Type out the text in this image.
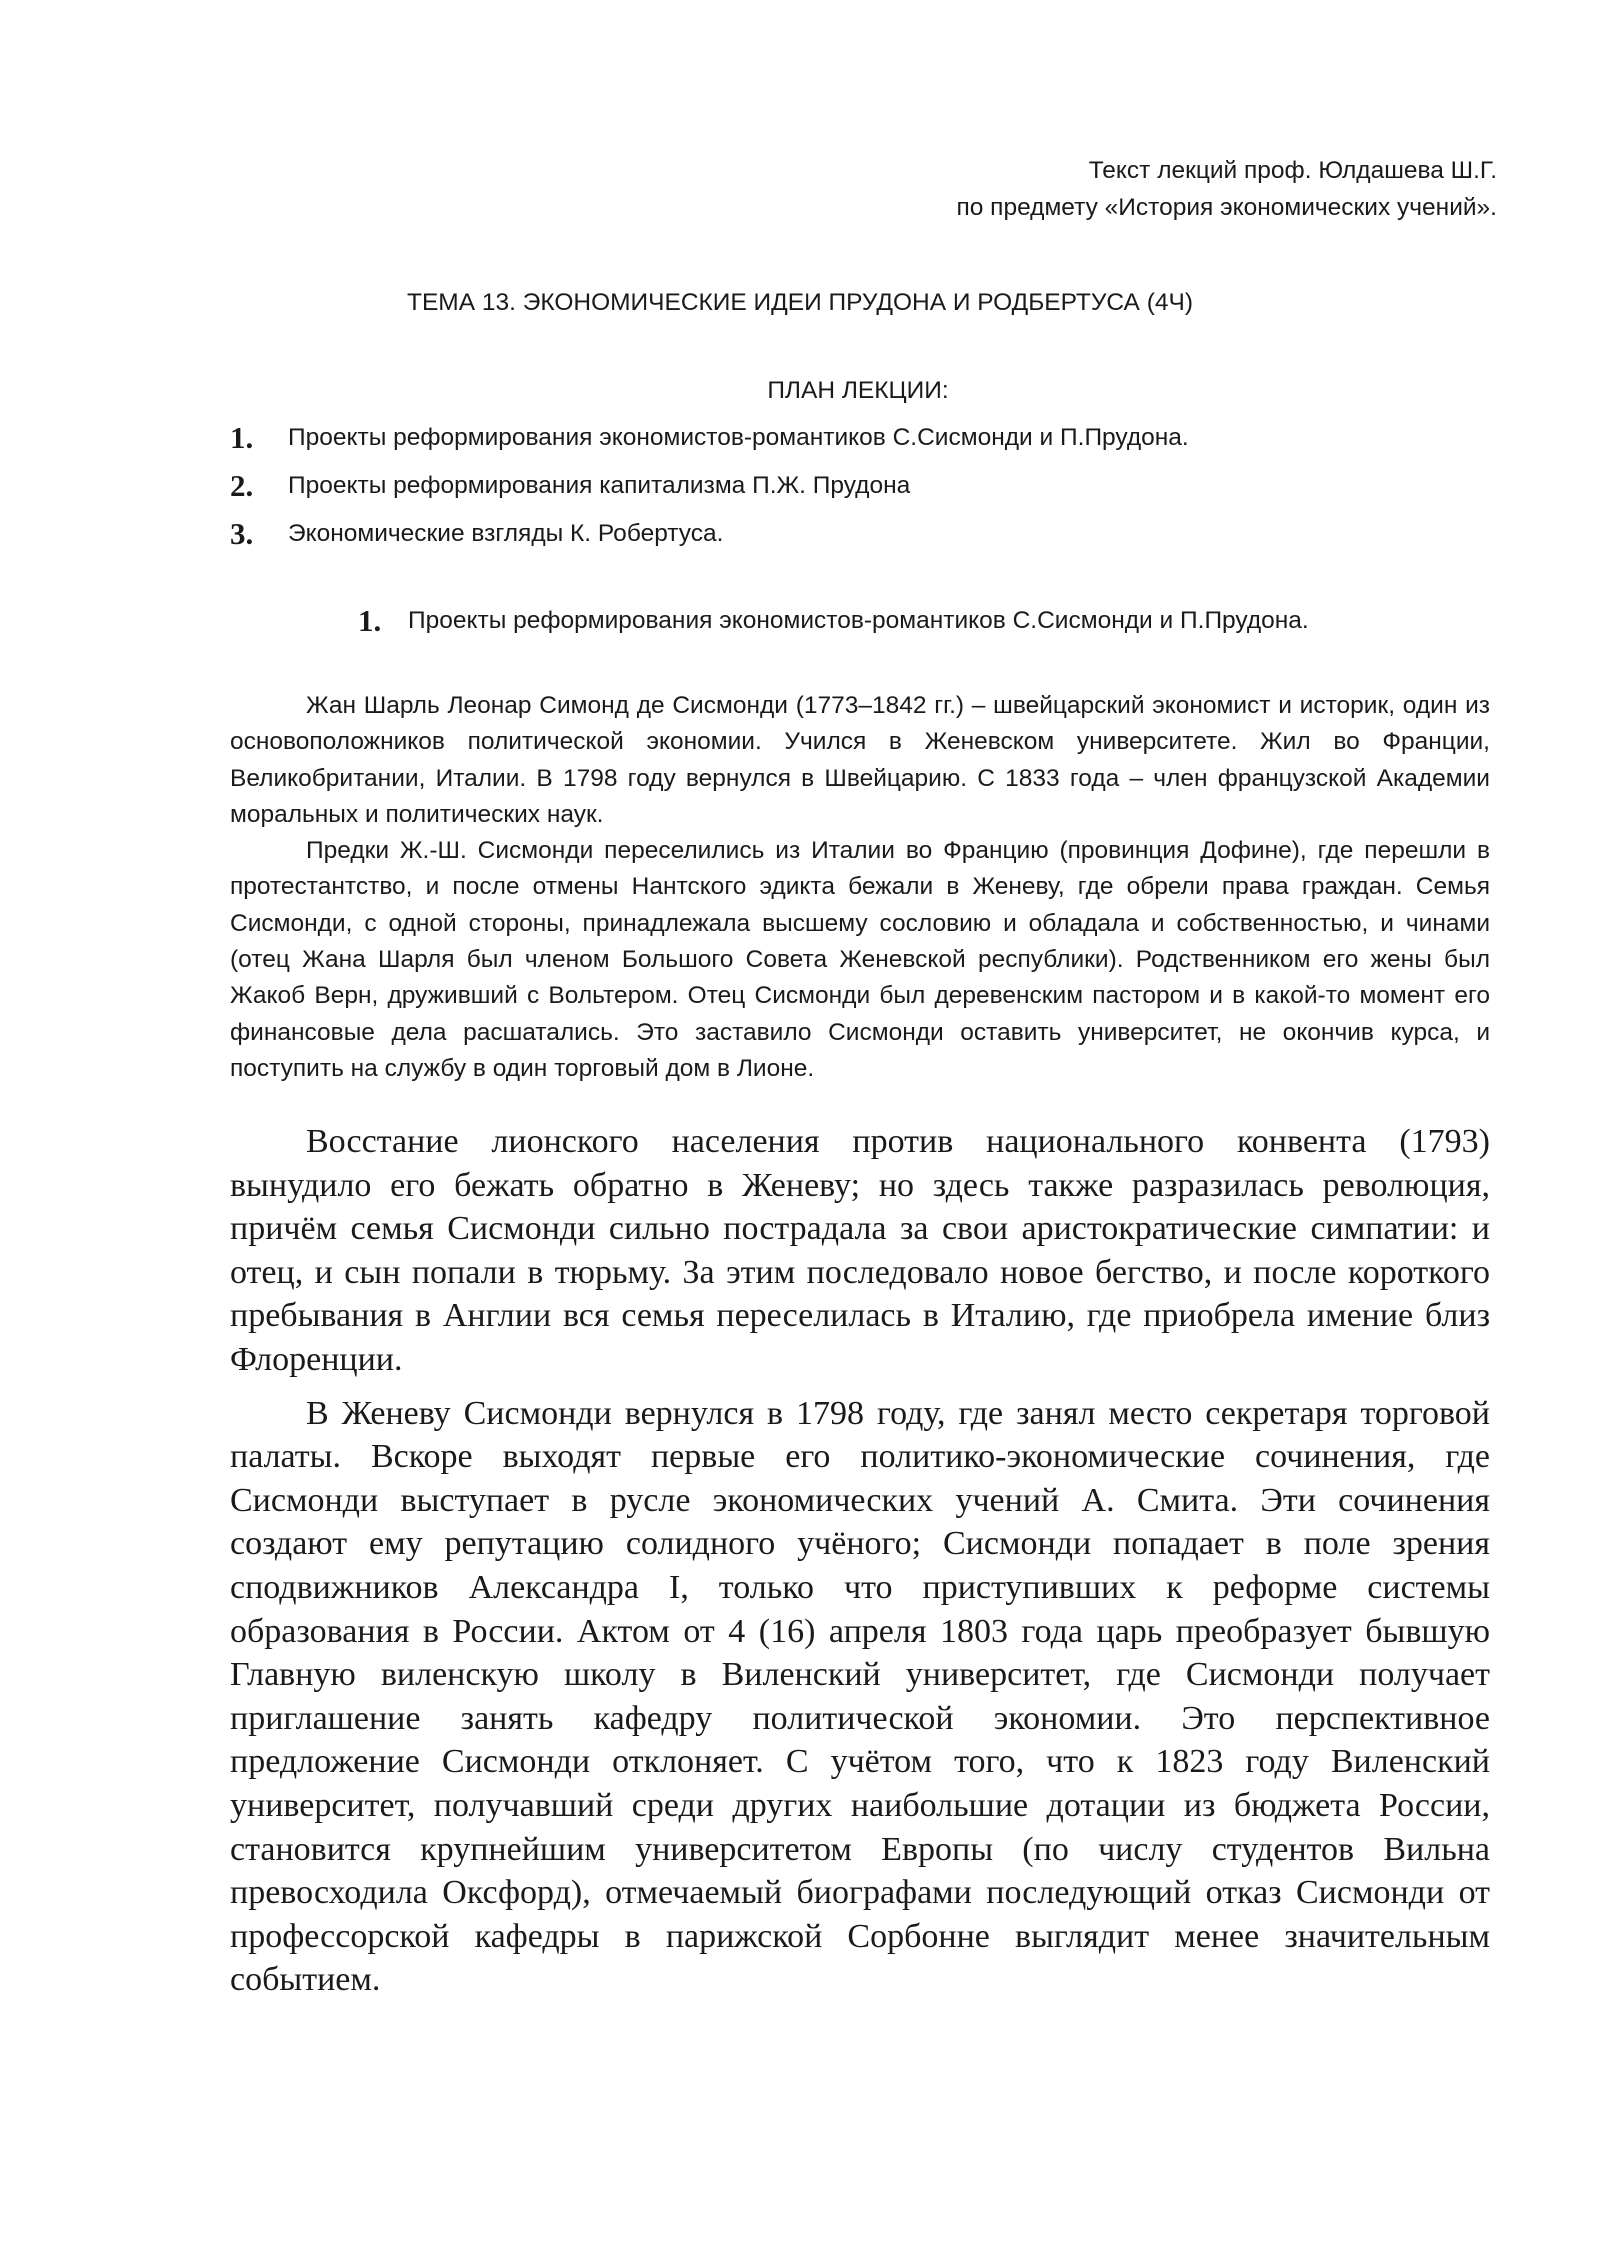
Текст лекций проф. Юлдашева Ш.Г.
по предмету «История экономических учений».
ТЕМА 13. ЭКОНОМИЧЕСКИЕ ИДЕИ ПРУДОНА И РОДБЕРТУСА (4Ч)
ПЛАН ЛЕКЦИИ:
1.	Проекты реформирования экономистов-романтиков С.Сисмонди и П.Прудона.
2.	Проекты реформирования капитализма П.Ж. Прудона
3.	Экономические взгляды К. Робертуса.
1.	Проекты реформирования экономистов-романтиков С.Сисмонди и П.Прудона.

Жан Шарль Леонар Симонд де Сисмонди (1773–1842 гг.) – швейцарский экономист и историк, один из основоположников политической экономии. Учился в Женевском университете. Жил во Франции, Великобритании, Италии. В 1798 году вернулся в Швейцарию. С 1833 года – член французской Академии моральных и политических наук.

Предки Ж.-Ш. Сисмонди переселились из Италии во Францию (провинция Дофине), где перешли в протестантство, и после отмены Нантского эдикта бежали в Женеву, где обрели права граждан. Семья Сисмонди, с одной стороны, принадлежала высшему сословию и обладала и собственностью, и чинами (отец Жана Шарля был членом Большого Совета Женевской республики). Родственником его жены был Жакоб Верн, друживший с Вольтером. Отец Сисмонди был деревенским пастором и в какой-то момент его финансовые дела расшатались. Это заставило Сисмонди оставить университет, не окончив курса, и поступить на службу в один торговый дом в Лионе.

Восстание лионского населения против национального конвента (1793) вынудило его бежать обратно в Женеву; но здесь также разразилась революция, причём семья Сисмонди сильно пострадала за свои аристократические симпатии: и отец, и сын попали в тюрьму. За этим последовало новое бегство, и после короткого пребывания в Англии вся семья переселилась в Италию, где приобрела имение близ Флоренции.

В Женеву Сисмонди вернулся в 1798 году, где занял место секретаря торговой палаты. Вскоре выходят первые его политико-экономические сочинения, где Сисмонди выступает в русле экономических учений А. Смита. Эти сочинения создают ему репутацию солидного учёного; Сисмонди попадает в поле зрения сподвижников Александра I, только что приступивших к реформе системы образования в России. Актом от 4 (16) апреля 1803 года царь преобразует бывшую Главную виленскую школу в Виленский университет, где Сисмонди получает приглашение занять кафедру политической экономии. Это перспективное предложение Сисмонди отклоняет. С учётом того, что к 1823 году Виленский университет, получавший среди других наибольшие дотации из бюджета России, становится крупнейшим университетом Европы (по числу студентов Вильна превосходила Оксфорд), отмечаемый биографами последующий отказ Сисмонди от профессорской кафедры в парижской Сорбонне выглядит менее значительным событием.
